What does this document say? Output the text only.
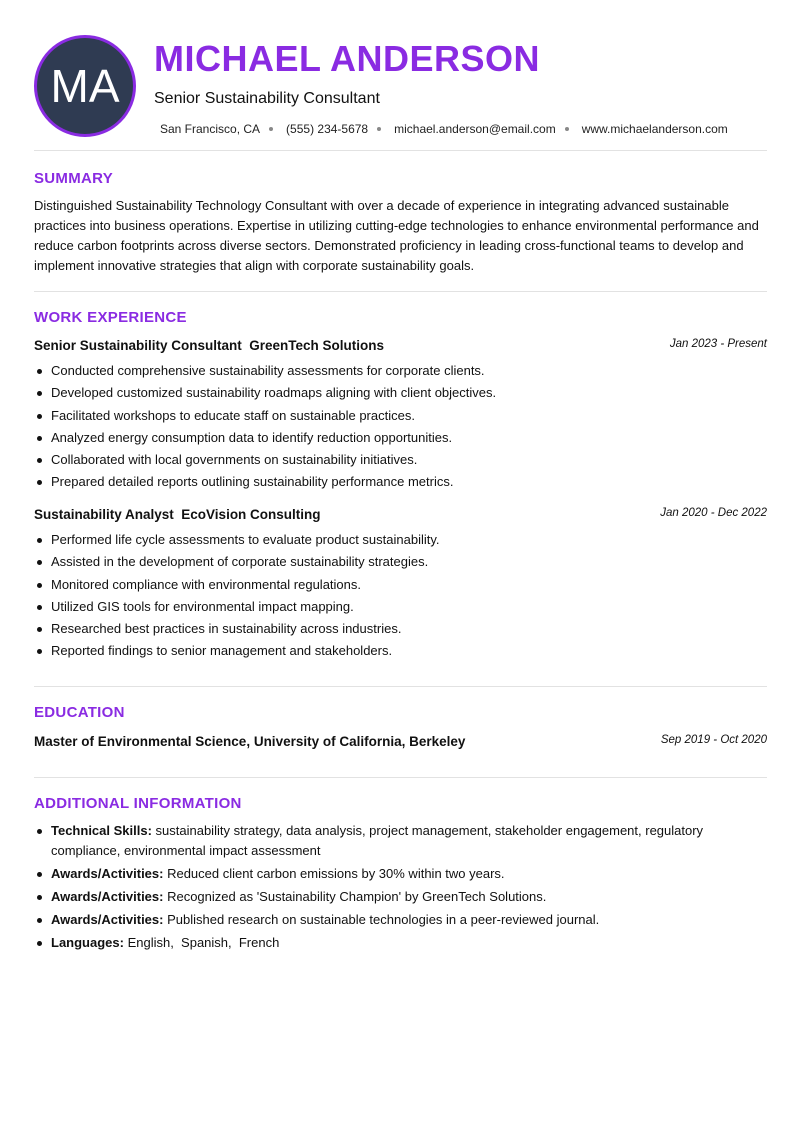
MA
MICHAEL ANDERSON
Senior Sustainability Consultant
San Francisco, CA (555) 234-5678 michael.anderson@email.com www.michaelanderson.com
SUMMARY

Distinguished Sustainability Technology Consultant with over a decade of experience in integrating advanced sustainable practices into business operations. Expertise in utilizing cutting-edge technologies to enhance environmental performance and reduce carbon footprints across diverse sectors. Demonstrated proficiency in leading cross-functional teams to develop and implement innovative strategies that align with corporate sustainability goals.

WORK EXPERIENCE
Senior Sustainability Consultant  GreenTech Solutions	Jan 2023 - Present
Conducted comprehensive sustainability assessments for corporate clients.
Developed customized sustainability roadmaps aligning with client objectives.
Facilitated workshops to educate staff on sustainable practices.
Analyzed energy consumption data to identify reduction opportunities.
Collaborated with local governments on sustainability initiatives.
Prepared detailed reports outlining sustainability performance metrics.
Sustainability Analyst  EcoVision Consulting	Jan 2020 - Dec 2022
Performed life cycle assessments to evaluate product sustainability.
Assisted in the development of corporate sustainability strategies.
Monitored compliance with environmental regulations.
Utilized GIS tools for environmental impact mapping.
Researched best practices in sustainability across industries.
Reported findings to senior management and stakeholders.
EDUCATION
Master of Environmental Science, University of California, Berkeley	Sep 2019 - Oct 2020
ADDITIONAL INFORMATION
Technical Skills: sustainability strategy, data analysis, project management, stakeholder engagement, regulatory compliance, environmental impact assessment
Awards/Activities: Reduced client carbon emissions by 30% within two years.
Awards/Activities: Recognized as 'Sustainability Champion' by GreenTech Solutions.
Awards/Activities: Published research on sustainable technologies in a peer-reviewed journal.
Languages: English,  Spanish,  French
